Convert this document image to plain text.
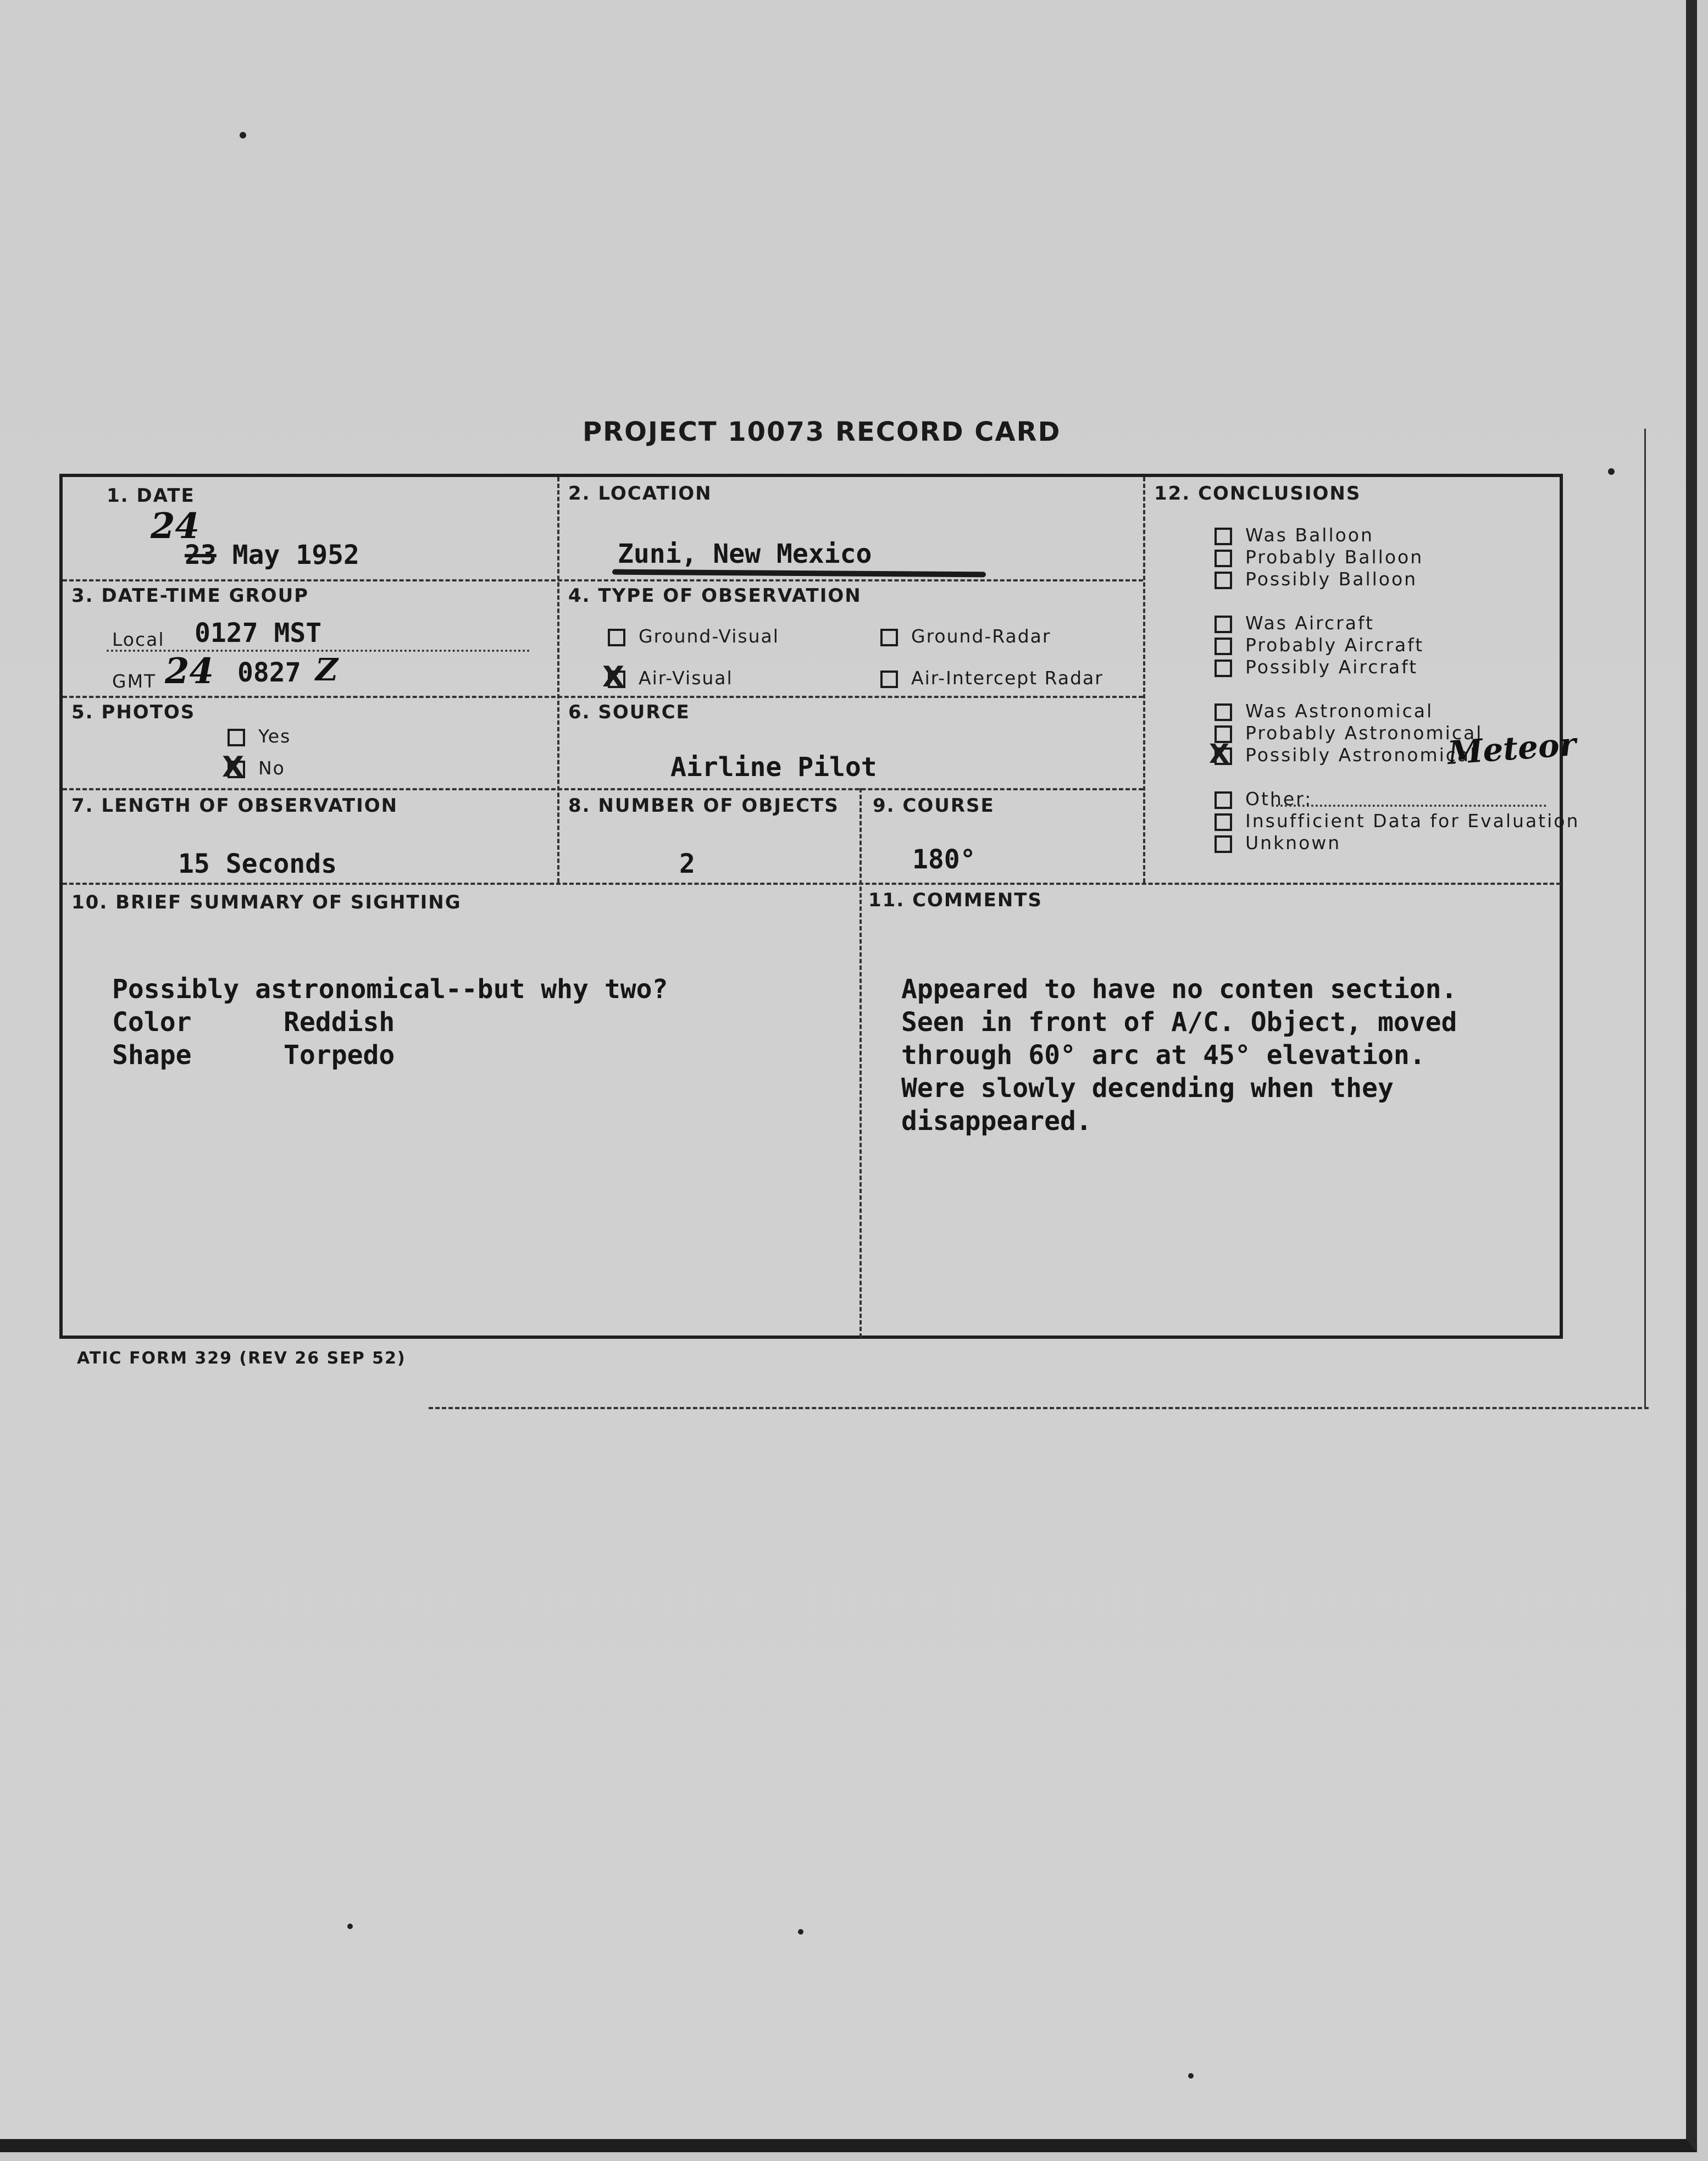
PROJECT 10073 RECORD CARD
1. DATE
24
23 May 1952
2. LOCATION
Zuni, New Mexico
3. DATE-TIME GROUP
Local 0127 MST
GMT 24 0827 Z
4. TYPE OF OBSERVATION
Ground-Visual	Ground-Radar
X Air-Visual	Air-Intercept Radar
5. PHOTOS
Yes
X No
6. SOURCE
Airline Pilot
7. LENGTH OF OBSERVATION
15 Seconds
8. NUMBER OF OBJECTS
2
9. COURSE
180°
12. CONCLUSIONS
Was Balloon
Probably Balloon
Possibly Balloon
Was Aircraft
Probably Aircraft
Possibly Aircraft
Was Astronomical
Probably Astronomical
X Possibly Astronomical
Meteor
Other:
Insufficient Data for Evaluation
Unknown
10. BRIEF SUMMARY OF SIGHTING
Possibly astronomical--but why two?
Color	Reddish
Shape	Torpedo
11. COMMENTS
Appeared to have no conten section.
Seen in front of A/C. Object, moved
through 60° arc at 45° elevation.
Were slowly decending when they
disappeared.
ATIC FORM 329 (REV 26 SEP 52)
